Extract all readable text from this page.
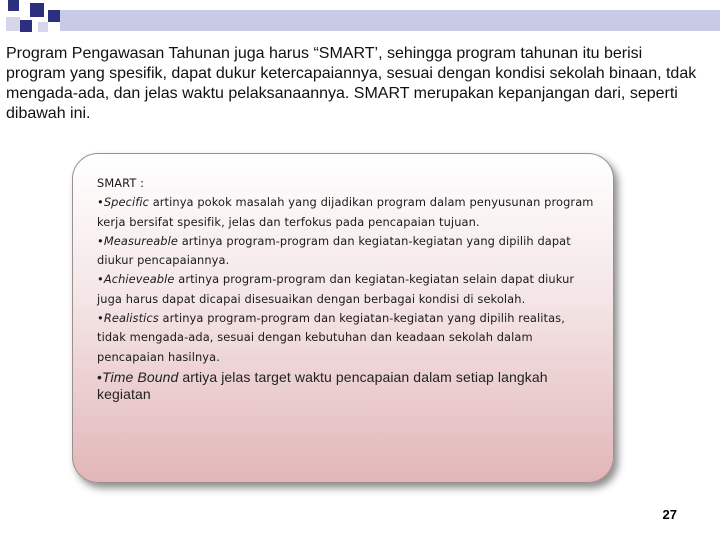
Program Pengawasan Tahunan juga harus “SMART’, sehingga program tahunan itu berisi program yang spesifik, dapat dukur ketercapaiannya, sesuai dengan kondisi sekolah binaan, tdak mengada-ada, dan jelas waktu pelaksanaannya. SMART merupakan kepanjangan dari, seperti dibawah ini.

SMART :

•Specific artinya pokok masalah yang dijadikan program dalam penyusunan program kerja bersifat spesifik, jelas dan terfokus pada pencapaian tujuan.

•Measureable artinya program-program dan kegiatan-kegiatan yang dipilih dapat diukur pencapaiannya.

•Achieveable artinya program-program dan kegiatan-kegiatan selain dapat diukur juga harus dapat dicapai disesuaikan dengan berbagai kondisi di sekolah.

•Realistics artinya program-program dan kegiatan-kegiatan yang dipilih realitas, tidak mengada-ada, sesuai dengan kebutuhan dan keadaan sekolah dalam pencapaian hasilnya.

•Time Bound artiya jelas target waktu pencapaian dalam setiap langkah kegiatan

27
